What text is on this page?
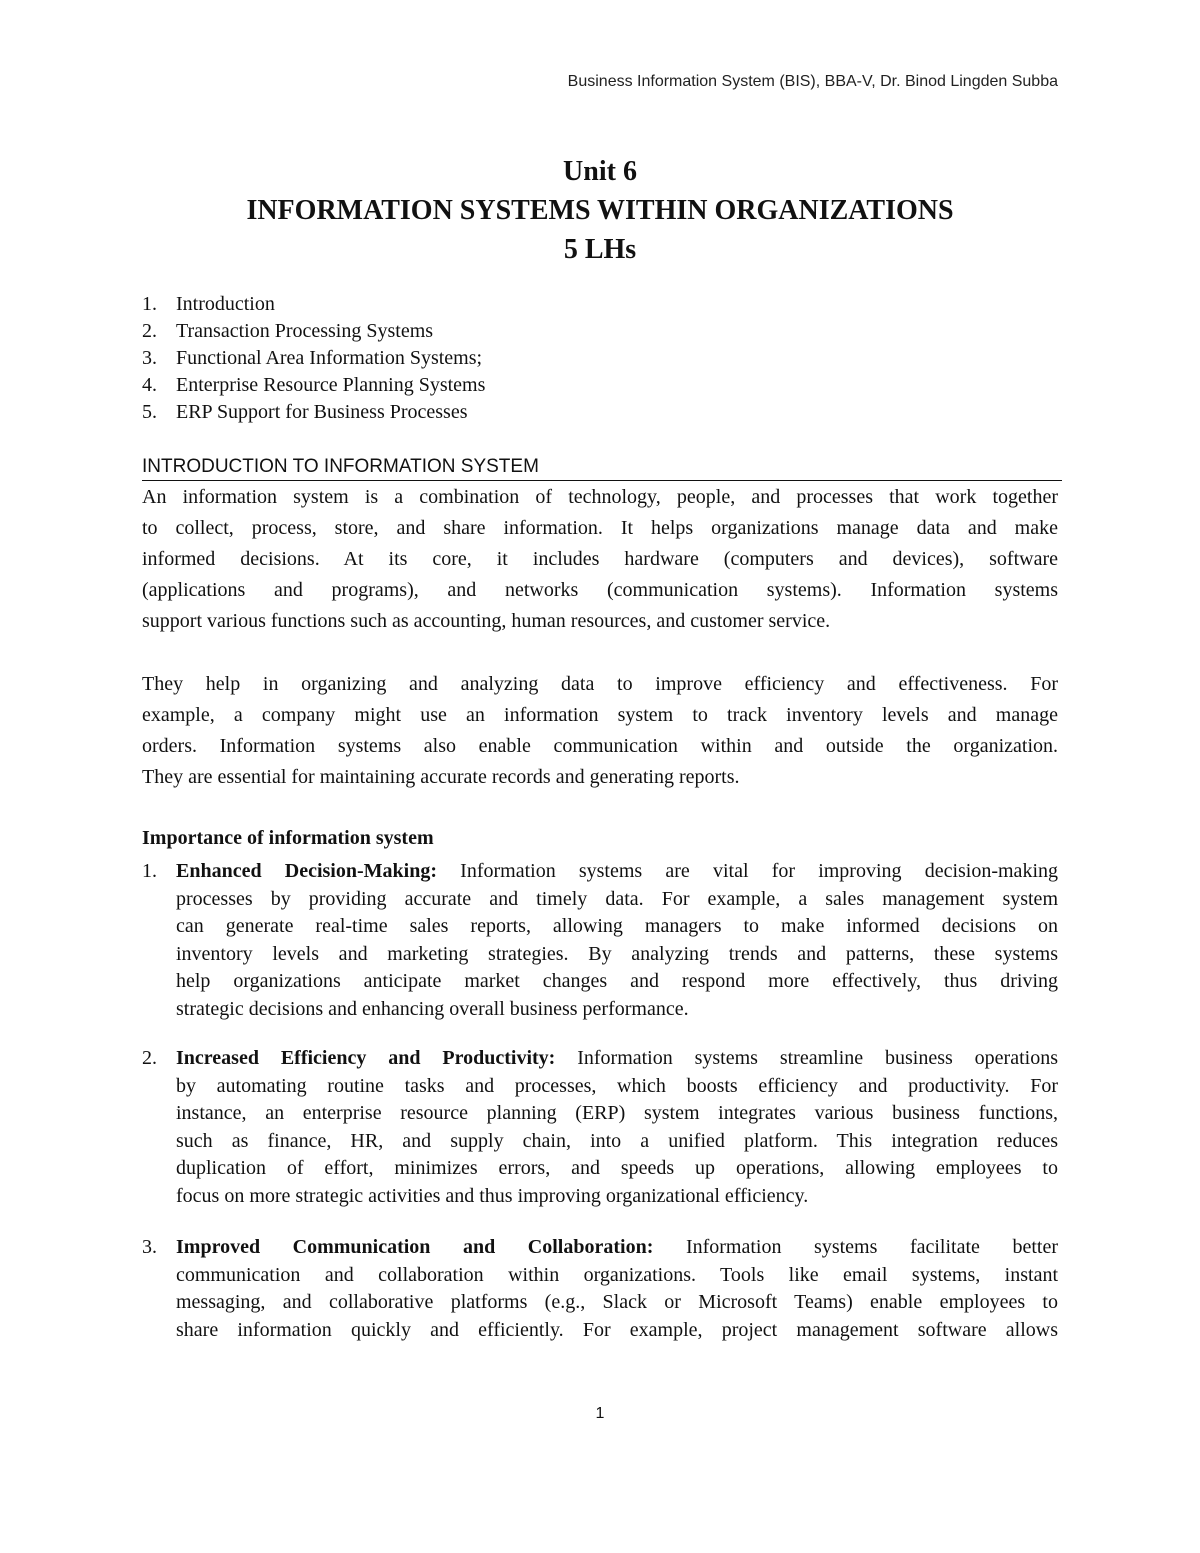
Business Information System (BIS), BBA-V, Dr. Binod Lingden Subba
Unit 6
INFORMATION SYSTEMS WITHIN ORGANIZATIONS
5 LHs
1. Introduction
2. Transaction Processing Systems
3. Functional Area Information Systems;
4. Enterprise Resource Planning Systems
5. ERP Support for Business Processes
INTRODUCTION TO INFORMATION SYSTEM
An information system is a combination of technology, people, and processes that work together
to collect, process, store, and share information. It helps organizations manage data and make
informed decisions. At its core, it includes hardware (computers and devices), software
(applications and programs), and networks (communication systems). Information systems
support various functions such as accounting, human resources, and customer service.
They help in organizing and analyzing data to improve efficiency and effectiveness. For
example, a company might use an information system to track inventory levels and manage
orders. Information systems also enable communication within and outside the organization.
They are essential for maintaining accurate records and generating reports.
Importance of information system
1. Enhanced Decision-Making: Information systems are vital for improving decision-making
processes by providing accurate and timely data. For example, a sales management system
can generate real-time sales reports, allowing managers to make informed decisions on
inventory levels and marketing strategies. By analyzing trends and patterns, these systems
help organizations anticipate market changes and respond more effectively, thus driving
strategic decisions and enhancing overall business performance.
2. Increased Efficiency and Productivity: Information systems streamline business operations
by automating routine tasks and processes, which boosts efficiency and productivity. For
instance, an enterprise resource planning (ERP) system integrates various business functions,
such as finance, HR, and supply chain, into a unified platform. This integration reduces
duplication of effort, minimizes errors, and speeds up operations, allowing employees to
focus on more strategic activities and thus improving organizational efficiency.
3. Improved Communication and Collaboration: Information systems facilitate better
communication and collaboration within organizations. Tools like email systems, instant
messaging, and collaborative platforms (e.g., Slack or Microsoft Teams) enable employees to
share information quickly and efficiently. For example, project management software allows
1
